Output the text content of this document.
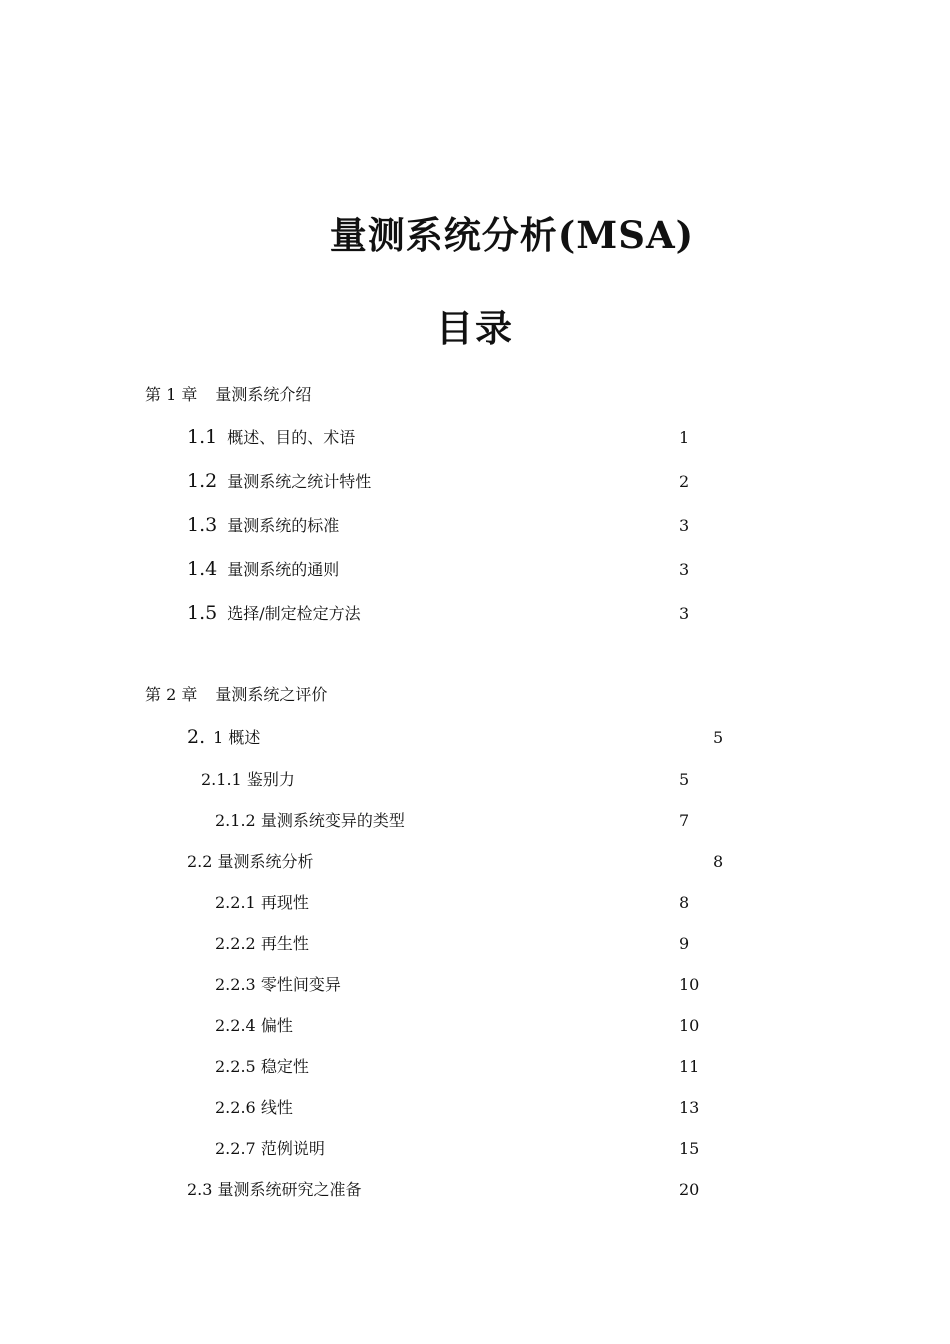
量测系统分析(MSA)
目录
第 1 章 量测系统介绍
1.1 概述、目的、术语	1
1.2 量测系统之统计特性	2
1.3 量测系统的标准	3
1.4 量测系统的通则	3
1.5 选择/制定检定方法	3
第 2 章 量测系统之评价
2. 1 概述	5
2.1.1 鉴别力	5
2.1.2 量测系统变异的类型	7
2.2 量测系统分析	8
2.2.1 再现性	8
2.2.2 再生性	9
2.2.3 零性间变异	10
2.2.4 偏性	10
2.2.5 稳定性	11
2.2.6 线性	13
2.2.7 范例说明	15
2.3 量测系统研究之准备	20
